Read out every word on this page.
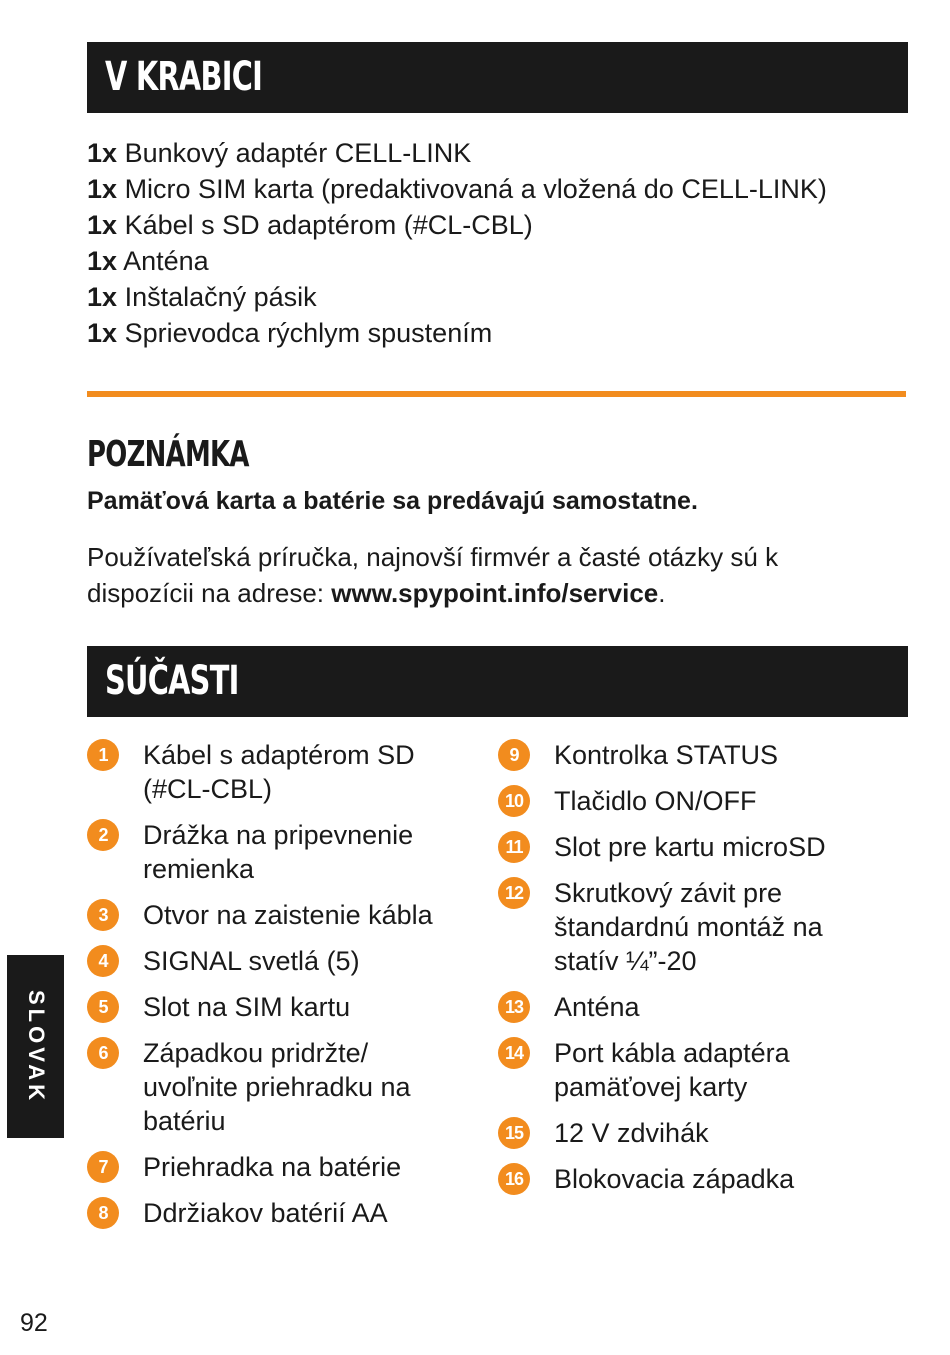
V KRABICI
1x Bunkový adaptér CELL-LINK
1x Micro SIM karta (predaktivovaná a vložená do CELL-LINK)
1x Kábel s SD adaptérom (#CL-CBL)
1x Anténa
1x Inštalačný pásik
1x Sprievodca rýchlym spustením
POZNÁMKA
Pamäťová karta a batérie sa predávajú samostatne.
Používateľská príručka, najnovší firmvér a časté otázky sú k dispozícii na adrese: www.spypoint.info/service.
SÚČASTI
1	Kábel s adaptérom SD (#CL-CBL)
2	Drážka na pripevnenie remienka
3	Otvor na zaistenie kábla
4	SIGNAL svetlá (5)
5	Slot na SIM kartu
6	Západkou pridržte/ uvoľnite priehradku na batériu
7	Priehradka na batérie
8	Ddržiakov batérií AA
9	Kontrolka STATUS
10 Tlačidlo ON/OFF
11 Slot pre kartu microSD
12 Skrutkový závit pre štandardnú montáž na statív ¼”-20
13 Anténa
14 Port kábla adaptéra pamäťovej karty
15 12 V zdvihák
16 Blokovacia západka
SLOVAK
92
